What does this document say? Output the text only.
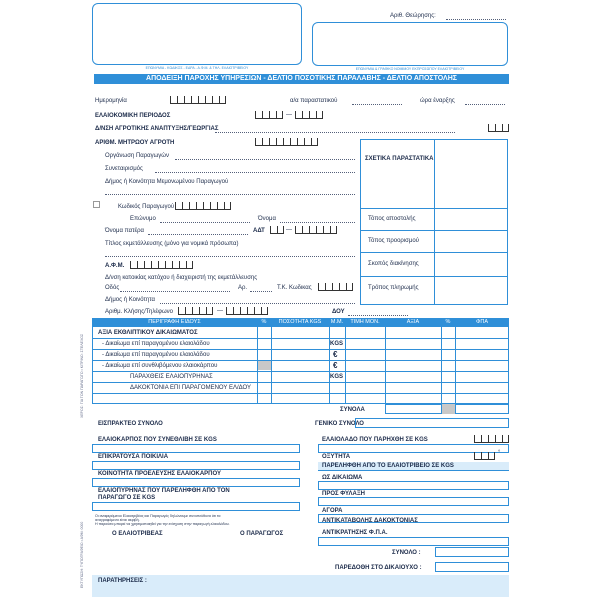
Αριθ. Θεώρησης:
ΕΠΩΝΥΜΙΑ - ΚΩΔΙΚΟΣ - ΕΔΡΑ - Α.Φ.Μ. & ΤΗΛ. ΕΛΑΙΟΤΡΙΒΕΙΟΥ	ΕΠΩΝΥΜΙΑ & ΓΡΑΦΙΚΟ ΝΟΜΙΜΟΥ ΕΚΠΡΟΣΩΠΟΥ ΕΛΑΙΟΤΡΙΒΕΙΟΥ
ΑΠΟΔΕΙΞΗ ΠΑΡΟΧΗΣ ΥΠΗΡΕΣΙΩΝ - ΔΕΛΤΙΟ ΠΟΣΟΤΙΚΗΣ ΠΑΡΑΛΑΒΗΣ - ΔΕΛΤΙΟ ΑΠΟΣΤΟΛΗΣ
Ημερομηνία	α/α παραστατικού	ώρα έναρξης
ΕΛΑΙΟΚΟΜΙΚΗ ΠΕΡΙΟΔΟΣ	—
Δ/ΝΣΗ ΑΓΡΟΤΙΚΗΣ ΑΝΑΠΤΥΞΗΣ/ΓΕΩΡΓΙΑΣ
ΑΡΙΘΜ. ΜΗΤΡΩΟΥ ΑΓΡΟΤΗ
ΣΧΕΤΙΚΑ ΠΑΡΑΣΤΑΤΙΚΑ
Τόπος αποστολής
Τόπος προορισμού
Σκοπός διακίνησης
Τρόπος πληρωμής
Οργάνωση Παραγωγών
Συνεταιρισμός
Δήμος ή Κοινότητα Μεμονωμένου Παραγωγού
Κωδικός Παραγωγού
Επώνυμο	Όνομα
Όνομα πατέρα	ΑΔΤ	—
Τίτλος εκμετάλλευσης (μόνο για νομικά πρόσωπα)
Α.Φ.Μ.
Δ/νση κατοικίας κατόχου ή διαχειριστή της εκμετάλλευσης
Οδός	Αρ.	Τ.Κ. Κωδικας
Δήμος ή Κοινότητα
Αριθμ. Κλήσης/Τηλέφωνο	—	ΔΟΥ
ΠΕΡΙΓΡΑΦΗ ΕΙΔΟΥΣ	%	ΠΟΣΟΤΗΤΑ KGS	Μ.Μ.	ΤΙΜΗ ΜΟΝ.	ΑΞΙΑ	%	ΦΠΑ
ΑΞΙΑ ΕΚΘΛΙΠΤΙΚΟΥ ΔΙΚΑΙΩΜΑΤΟΣ
- Δικαίωμα επί παραγομένου ελαιολάδου	KGS
- Δικαίωμα επί παραγομένου ελαιολάδου	€
- Δικαίωμα επί συνθλιβόμενου ελαιοκάρπου	€
ΠΑΡΑΧΘΕΙΣ ΕΛΑΙΟΠΥΡΗΝΑΣ	KGS
ΔΑΚΟΚΤΟΝΙΑ ΕΠΙ ΠΑΡΑΓΟΜΕΝΟΥ ΕΛ/ΔΟΥ
ΣΥΝΟΛΑ
ΕΙΣΠΡΑΚΤΕΟ ΣΥΝΟΛΟ	ΓΕΝΙΚΟ ΣΥΝΟΛΟ
ΕΛΑΙΟΚΑΡΠΟΣ ΠΟΥ ΣΥΝΕΘΛΙΒΗ ΣΕ KGS
ΕΠΙΚΡΑΤΟΥΣΑ ΠΟΙΚΙΛΙΑ
ΚΟΙΝΟΤΗΤΑ ΠΡΟΕΛΕΥΣΗΣ ΕΛΑΙΟΚΑΡΠΟΥ
ΕΛΑΙΟΠΥΡΗΝΑΣ ΠΟΥ ΠΑΡΕΛΗΦΘΗ ΑΠΟ ΤΟΝ
ΠΑΡΑΓΩΓΟ ΣΕ KGS
Οι αναφερόμενοι Ελαιοτριβέας και Παραγωγός δηλώνουμε συνυπεύθυνα ότι τα
αναγραφόμενα είναι ακριβή.
Η παρούσα μπορεί να χρησιμοποιηθεί για την ενίσχυση στην παραγωγή ελαιολάδου.
Ο ΕΛΑΙΟΤΡΙΒΕΑΣ	Ο ΠΑΡΑΓΩΓΟΣ
ΕΛΑΙΟΛΑΔΟ ΠΟΥ ΠΑΡΗΧΘΗ ΣΕ KGS
ΟΞΥΤΗΤΑ
°
ΠΑΡΕΛΗΦΘΗ ΑΠΟ ΤΟ ΕΛΑΙΟΤΡΙΒΕΙΟ ΣΕ KGS
ΩΣ ΔΙΚΑΙΩΜΑ
ΠΡΟΣ ΦΥΛΑΞΗ
ΑΓΟΡΑ
ΑΝΤΙΚΑΤΑΒΟΛΗΣ ΔΑΚΟΚΤΟΝΙΑΣ
ΑΝΤΙΚΡΑΤΗΣΗΣ Φ.Π.Α.
ΣΥΝΟΛΟ :
ΠΑΡΕΔΟΘΗ ΣΤΟ ΔΙΚΑΙΟΥΧΟ :
ΠΑΡΑΤΗΡΗΣΕΙΣ :
ΧΕΡΟΣ: ΓΙΑ ΤΟΝ ΠΑΡΑΓΩΓΟ • ΚΙΤΡΙΝΟ: ΣΤΕΛΕΧΟΣ
ΕΚΤΥΠΩΣΗ: ΤΥΠΟΓΡΑΦΕΙΟ • ΑΦΜ: 0000
